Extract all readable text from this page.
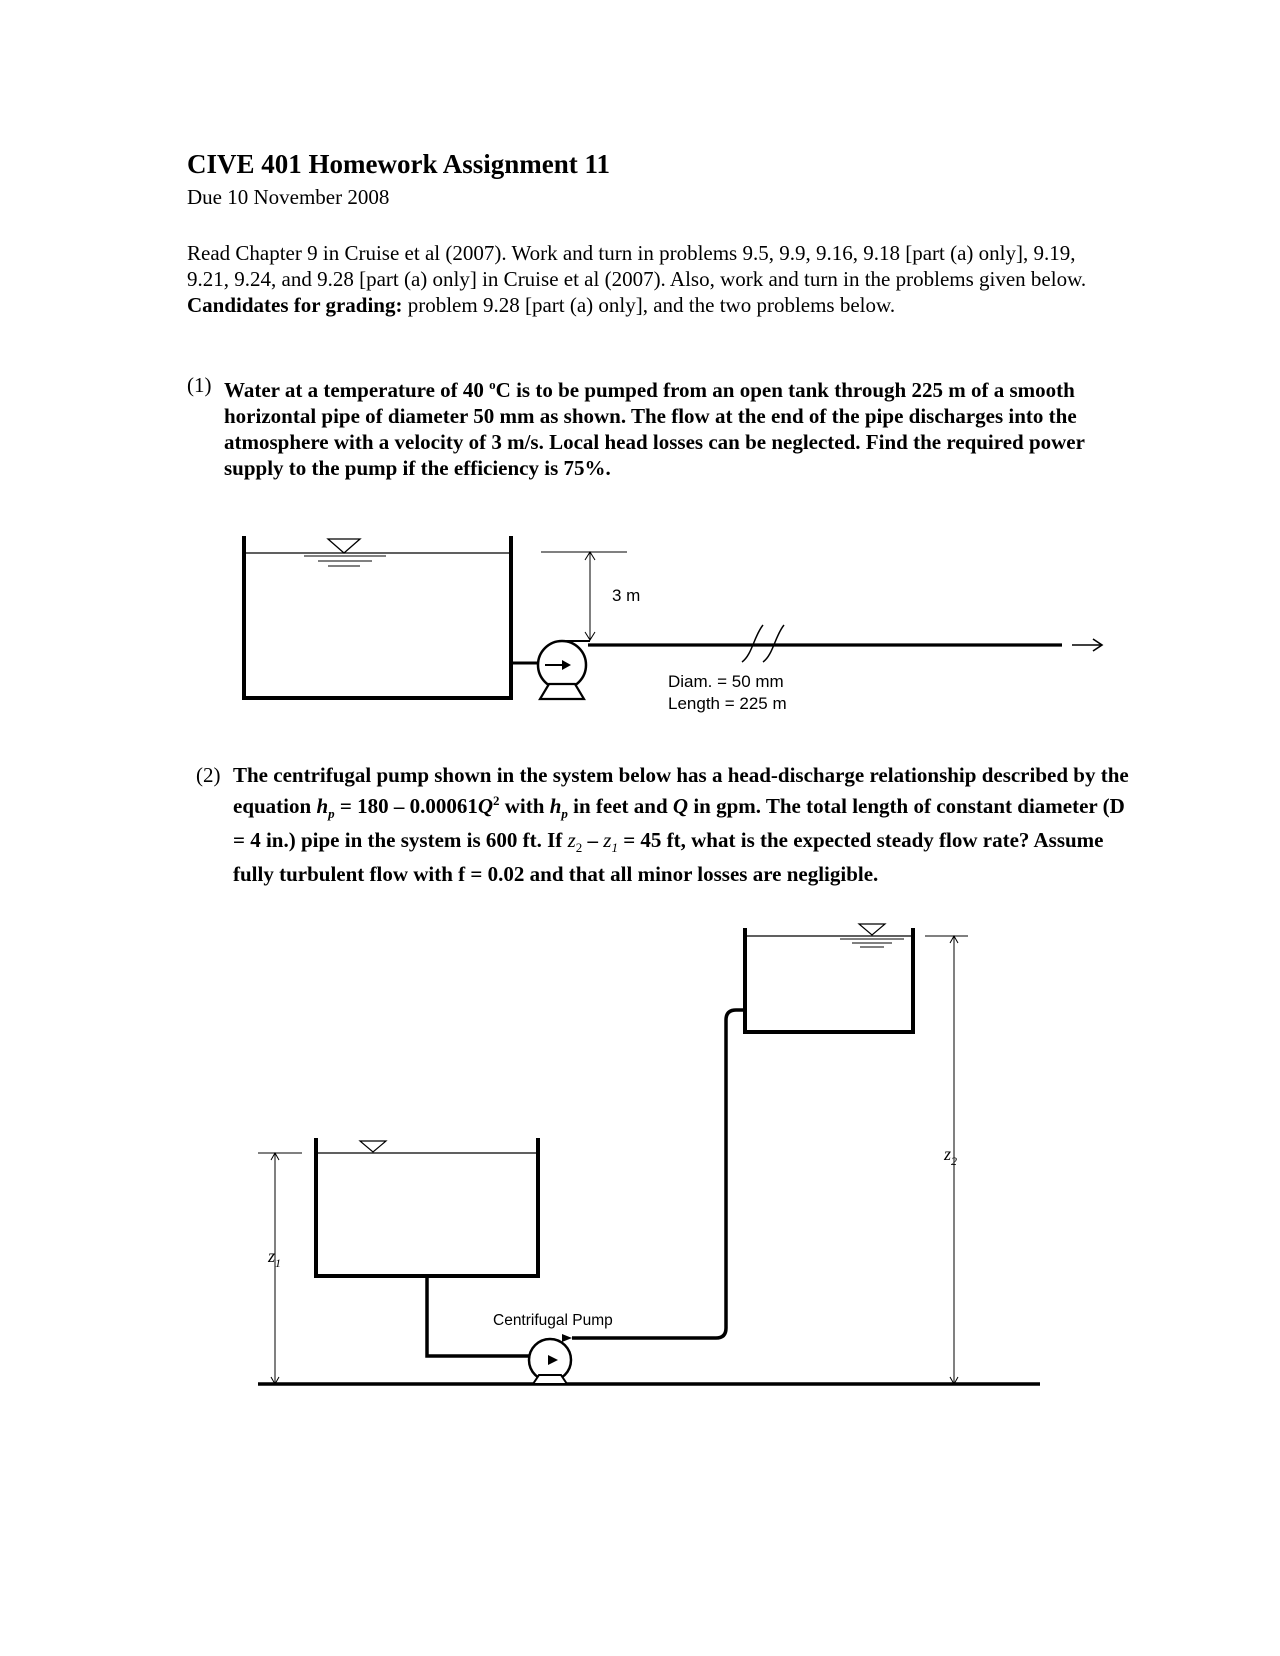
CIVE 401 Homework Assignment 11
Due 10 November 2008

Read Chapter 9 in Cruise et al (2007). Work and turn in problems 9.5, 9.9, 9.16, 9.18 [part (a) only], 9.19, 9.21, 9.24, and 9.28 [part (a) only] in Cruise et al (2007). Also, work and turn in the problems given below. Candidates for grading: problem 9.28 [part (a) only], and the two problems below.

(1) Water at a temperature of 40 $^o$C is to be pumped from an open tank through 225 m of a smooth horizontal pipe of diameter 50 mm as shown. The flow at the end of the pipe discharges into the atmosphere with a velocity of 3 m/s. Local head losses can be neglected. Find the required power supply to the pump if the efficiency is 75%.
3 m
Diam. = 50 mm
Length = 225 m
(2) The centrifugal pump shown in the system below has a head-discharge relationship described by the equation $h_p = 180 - 0.00061Q^2$ with $h_p$ in feet and Q in gpm. The total length of constant diameter (D = 4 in.) pipe in the system is 600 ft. If $z_2 - z_1 = 45$ ft, what is the expected steady flow rate? Assume fully turbulent flow with f = 0.02 and that all minor losses are negligible.
Centrifugal Pump
$z_1$
$z_2$
